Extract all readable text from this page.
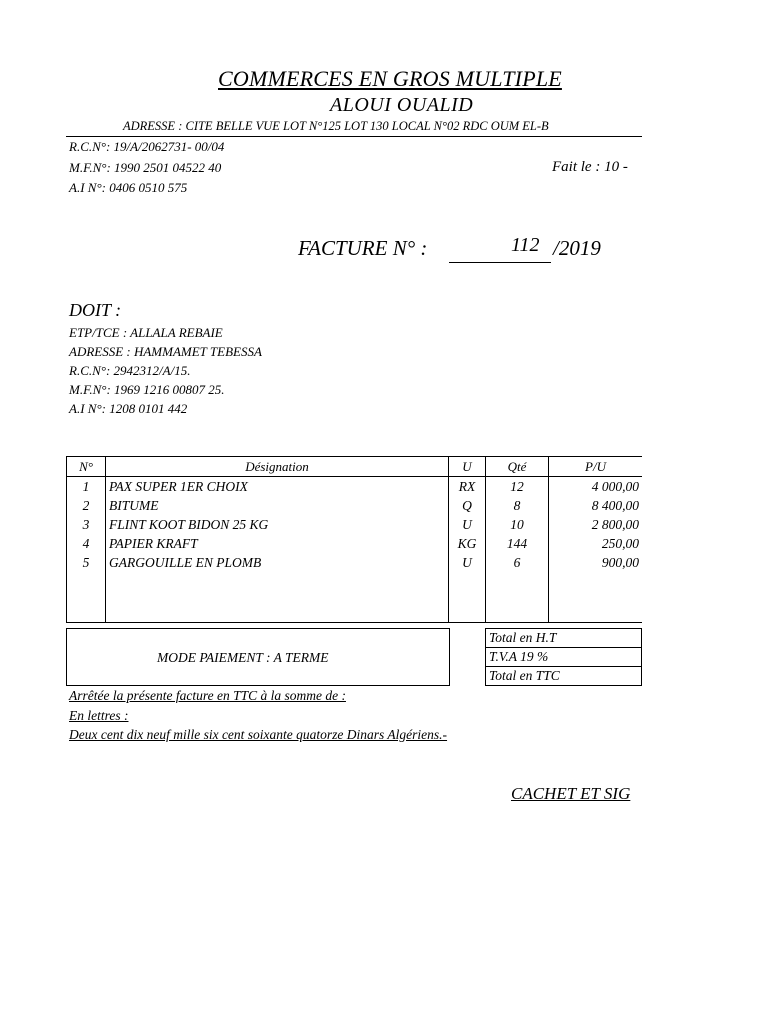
COMMERCES EN GROS MULTIPLE
ALOUI OUALID
ADRESSE : CITE BELLE VUE LOT N°125 LOT 130 LOCAL N°02 RDC OUM EL-B
R.C.N°: 19/A/2062731- 00/04
M.F.N°: 1990 2501 04522 40
A.I N°: 0406 0510 575
Fait le : 10 -
FACTURE N° :	112 /2019
DOIT :
ETP/TCE : ALLALA REBAIE
ADRESSE : HAMMAMET TEBESSA
R.C.N°: 2942312/A/15.
M.F.N°: 1969 1216 00807 25.
A.I N°: 1208 0101 442
N°	Désignation	U	Qté	P/U
1	PAX SUPER 1ER CHOIX	RX	12	4 000,00
2	BITUME	Q	8	8 400,00
3	FLINT KOOT BIDON 25 KG	U	10	2 800,00
4	PAPIER KRAFT	KG	144	250,00
5	GARGOUILLE EN PLOMB	U	6	900,00

MODE PAIEMENT : A TERME
Total en H.T
T.V.A 19 %
Total en TTC
Arrêtée la présente facture en TTC à la somme de :
En lettres :
Deux cent dix neuf mille six cent soixante quatorze Dinars Algériens.-
CACHET ET SIG
